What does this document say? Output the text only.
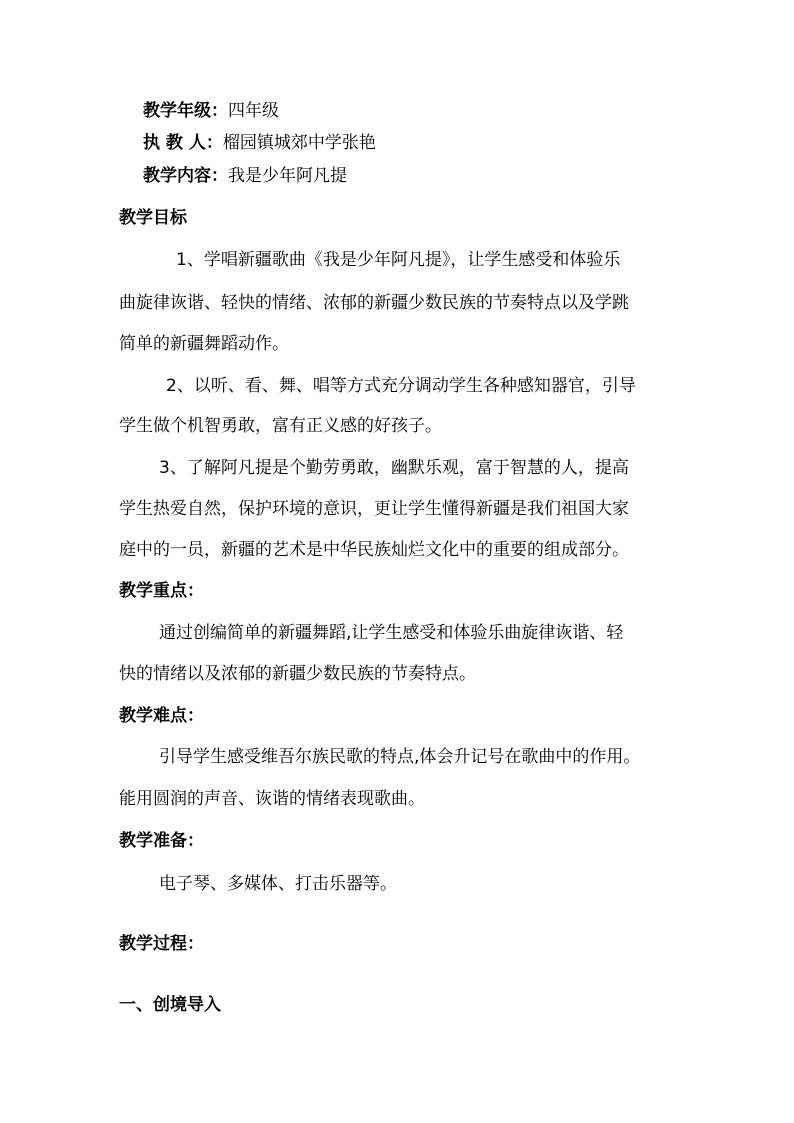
教学年级：四年级
执 教 人：榴园镇城郊中学张艳
教学内容：我是少年阿凡提
教学目标
1、学唱新疆歌曲《我是少年阿凡提》，让学生感受和体验乐
曲旋律诙谐、轻快的情绪、浓郁的新疆少数民族的节奏特点以及学跳
简单的新疆舞蹈动作。
2、以听、看、舞、唱等方式充分调动学生各种感知器官，引导
学生做个机智勇敢，富有正义感的好孩子。
3、了解阿凡提是个勤劳勇敢，幽默乐观，富于智慧的人，提高
学生热爱自然，保护环境的意识，更让学生懂得新疆是我们祖国大家
庭中的一员，新疆的艺术是中华民族灿烂文化中的重要的组成部分。
教学重点：
通过创编简单的新疆舞蹈,让学生感受和体验乐曲旋律诙谐、轻
快的情绪以及浓郁的新疆少数民族的节奏特点。
教学难点：
引导学生感受维吾尔族民歌的特点,体会升记号在歌曲中的作用。
能用圆润的声音、诙谐的情绪表现歌曲。
教学准备：
电子琴、多媒体、打击乐器等。
教学过程：
一、创境导入
